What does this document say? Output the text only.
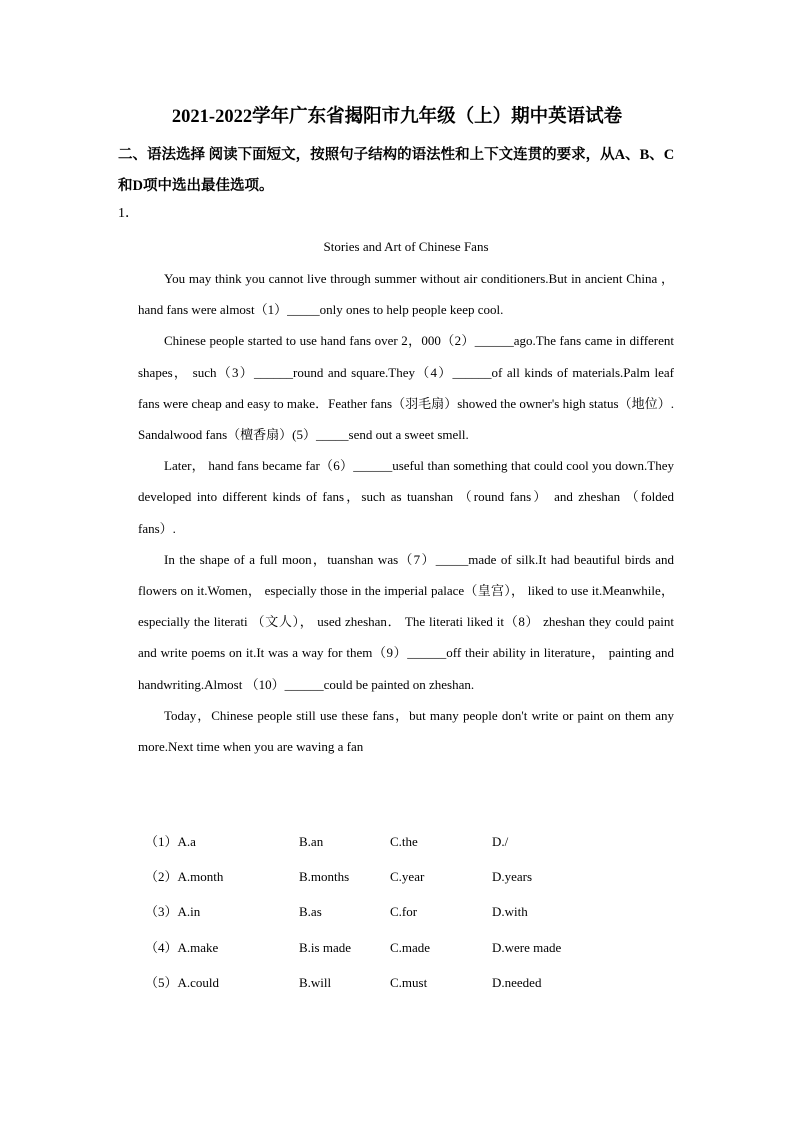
2021-2022学年广东省揭阳市九年级（上）期中英语试卷
二、语法选择 阅读下面短文，按照句子结构的语法性和上下文连贯的要求，从A、B、C和D项中选出最佳选项。
1．
Stories and Art of Chinese Fans

You may think you cannot live through summer without air conditioners.But in ancient China ，hand fans were almost（1）_____only ones to help people keep cool.

Chinese people started to use hand fans over 2，000（2）______ago.The fans came in different shapes， such（3）______round and square.They（4）______of all kinds of materials.Palm leaf fans were cheap and easy to make．Feather fans（羽毛扇）showed the owner's high status（地位）. Sandalwood fans（檀香扇）(5）_____send out a sweet smell.

Later， hand fans became far（6）______useful than something that could cool you down.They developed into different kinds of fans，such as tuanshan （round fans） and zheshan （folded fans）.

In the shape of a full moon，tuanshan was（7）_____made of silk.It had beautiful birds and flowers on it.Women， especially those in the imperial palace（皇宫）， liked to use it.Meanwhile， especially the literati （文人）， used zheshan． The literati liked it（8） zheshan they could paint and write poems on it.It was a way for them（9）______off their ability in literature， painting and handwriting.Almost （10）______could be painted on zheshan.

Today，Chinese people still use these fans，but many people don't write or paint on them any more.Next time when you are waving a fan

（1）A.a	B.an	C.the	D./
（2）A.month	B.months	C.year	D.years
（3）A.in	B.as	C.for	D.with
（4）A.make	B.is made	C.made	D.were made
（5）A.could	B.will	C.must	D.needed
